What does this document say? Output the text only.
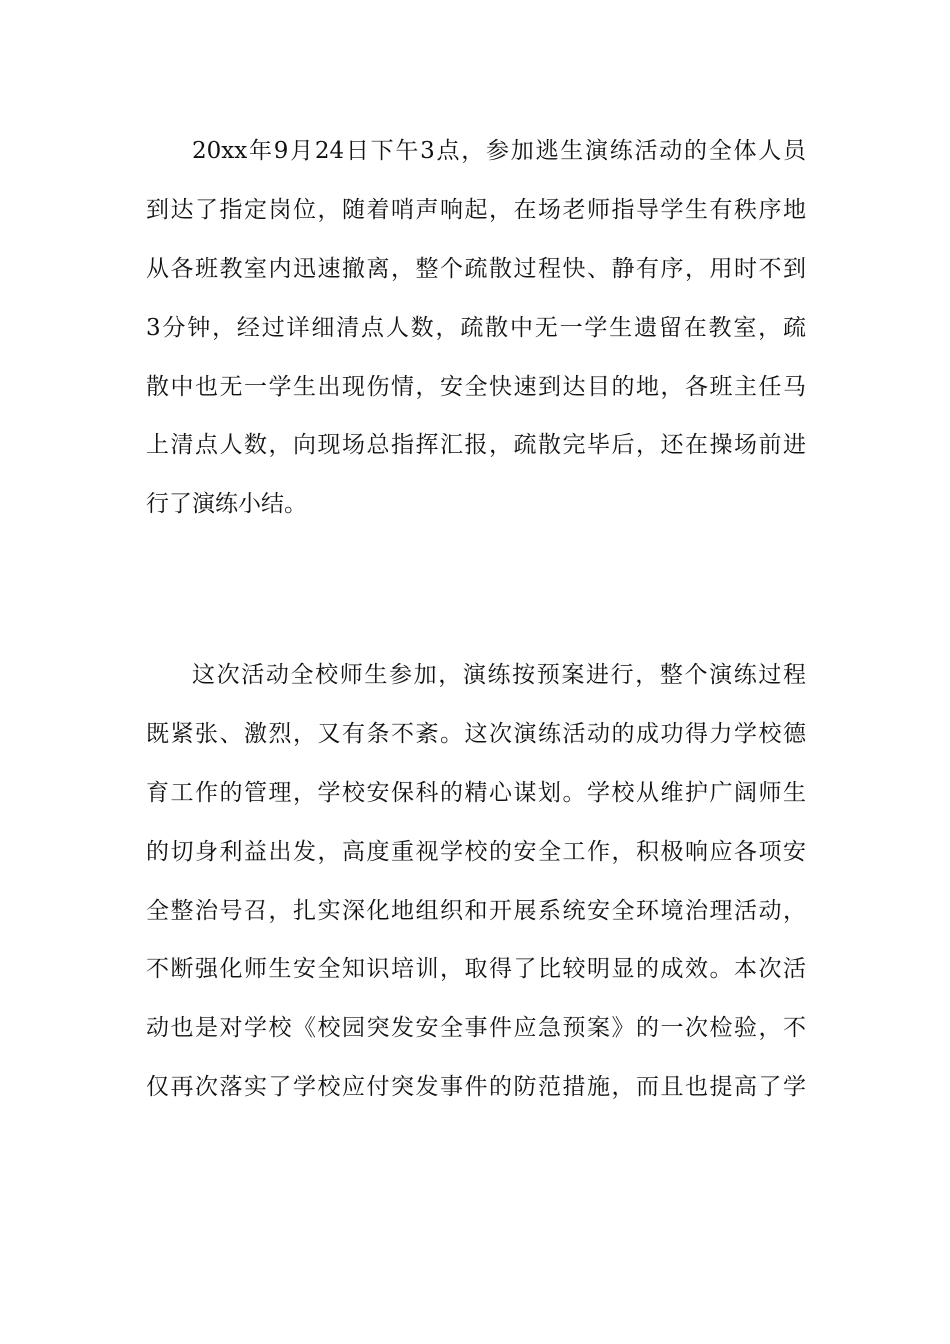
20xx年9月24日下午3点，参加逃生演练活动的全体人员
到达了指定岗位，随着哨声响起，在场老师指导学生有秩序地
从各班教室内迅速撤离，整个疏散过程快、静有序，用时不到
3分钟，经过详细清点人数，疏散中无一学生遗留在教室，疏
散中也无一学生出现伤情，安全快速到达目的地，各班主任马
上清点人数，向现场总指挥汇报，疏散完毕后，还在操场前进
行了演练小结。

这次活动全校师生参加，演练按预案进行，整个演练过程
既紧张、激烈，又有条不紊。这次演练活动的成功得力学校德
育工作的管理，学校安保科的精心谋划。学校从维护广阔师生
的切身利益出发，高度重视学校的安全工作，积极响应各项安
全整治号召，扎实深化地组织和开展系统安全环境治理活动，
不断强化师生安全知识培训，取得了比较明显的成效。本次活
动也是对学校《校园突发安全事件应急预案》的一次检验，不
仅再次落实了学校应付突发事件的防范措施，而且也提高了学
